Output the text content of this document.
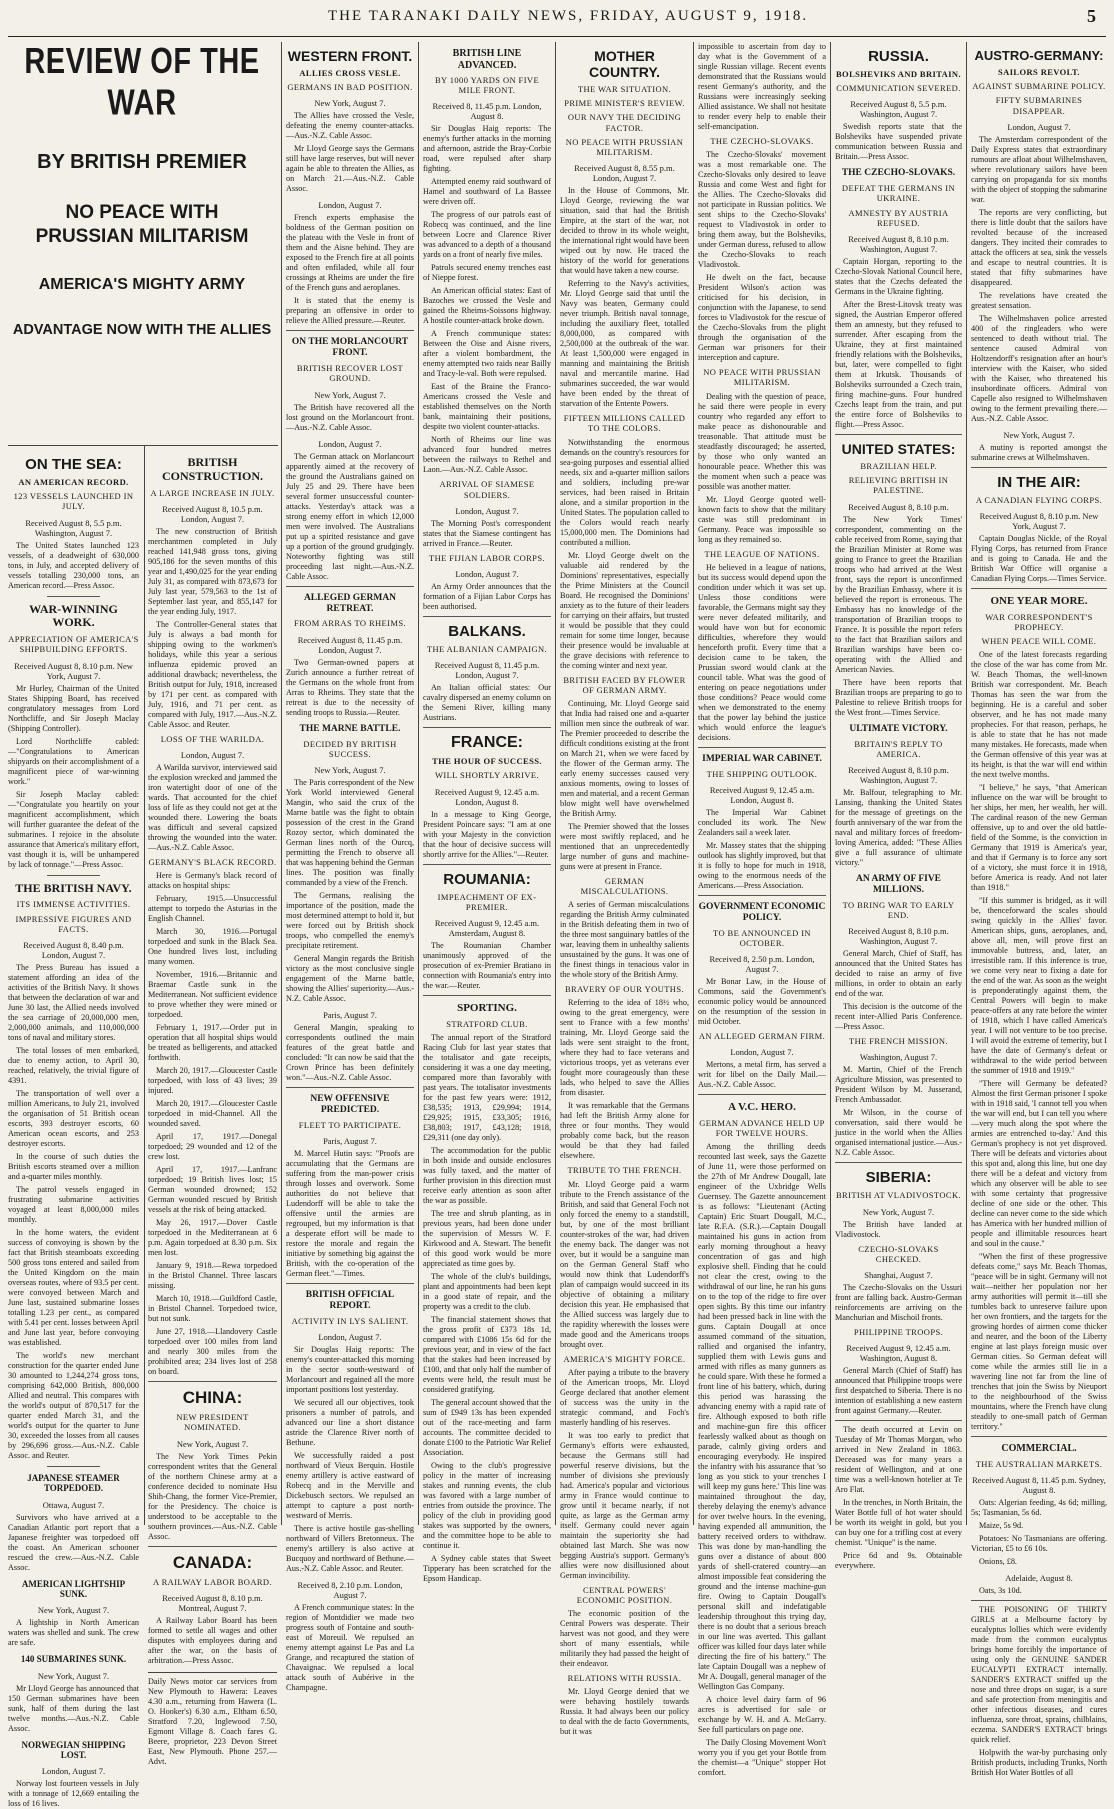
THE TARANAKI DAILY NEWS, FRIDAY, AUGUST 9, 1918.	5
REVIEW OF THE WAR
BY BRITISH PREMIER
NO PEACE WITH PRUSSIAN MILITARISM
AMERICA'S MIGHTY ARMY
ADVANTAGE NOW WITH THE ALLIES
ON THE SEA:
AN AMERICAN RECORD.
123 VESSELS LAUNCHED IN JULY.
Received August 8, 5.5 p.m. Washington, August 7.

The United States launched 123 vessels, of a deadweight of 630,000 tons, in July, and accepted delivery of vessels totalling 230,000 tons, an American record.—Press Assoc.

WAR-WINNING WORK.
APPRECIATION OF AMERICA'S SHIPBUILDING EFFORTS.
Received August 8, 8.10 p.m. New York, August 7.

Mr Hurley, Chairman of the United States Shipping Board, has received congratulatory messages from Lord Northcliffe, and Sir Joseph Maclay (Shipping Controller).

Lord Northcliffe cabled:—"Congratulations to American shipyards on their accomplishment of a magnificent piece of war-winning work."

Sir Joseph Maclay cabled:—"Congratulate you heartily on your magnificent accomplishment, which will further guarantee the defeat of the submarines. I rejoice in the absolute assurance that America's military effort, vast though it is, will be unhampered by lack of tonnage."—Press Assoc.

THE BRITISH NAVY.
ITS IMMENSE ACTIVITIES.
IMPRESSIVE FIGURES AND FACTS.
Received August 8, 8.40 p.m. London, August 7.

The Press Bureau has issued a statement affording an idea of the activities of the British Navy. It shows that between the declaration of war and June 30 last, the Allied needs involved the sea carriage of 20,000,000 men, 2,000,000 animals, and 110,000,000 tons of naval and military stores.

The total losses of men embarked, due to enemy action, to April 30, reached, relatively, the trivial figure of 4391.

The transportation of well over a million Americans, to July 21, involved the organisation of 51 British ocean escorts, 393 destroyer escorts, 60 American ocean escorts, and 253 destroyer escorts.

In the course of such duties the British escorts steamed over a million and a-quarter miles monthly.

The patrol vessels engaged in frustrating submarine activities voyaged at least 8,000,000 miles monthly.

In the home waters, the evident success of convoying is shown by the fact that British steamboats exceeding 500 gross tons entered and sailed from the United Kingdom on the main overseas routes, where of 93.5 per cent. were convoyed between March and June last, sustained submarine losses totalling 1.23 per cent., as compared with 5.41 per cent. losses between April and June last year, before convoying was established.

The world's new merchant construction for the quarter ended June 30 amounted to 1,244,274 gross tons, comprising 642,000 British, 800,000 Allied and neutral. This compares with the world's output of 870,517 for the quarter ended March 31, and the world's output for the quarter to June 30, exceeded the losses from all causes by 296,696 gross.—Aus.-N.Z. Cable Assoc. and Reuter.

JAPANESE STEAMER TORPEDOED.
Ottawa, August 7.

Survivors who have arrived at a Canadian Atlantic port report that a Japanese freighter was torpedoed off the coast. An American schooner rescued the crew.—Aus.-N.Z. Cable Assoc.

AMERICAN LIGHTSHIP SUNK.
New York, August 7.

A lightship in North American waters was shelled and sunk. The crew are safe.

140 SUBMARINES SUNK.
New York, August 7.

Mr Lloyd George has announced that 150 German submarines have been sunk, half of them during the last twelve months.—Aus.-N.Z. Cable Assoc.

NORWEGIAN SHIPPING LOST.
London, August 7.

Norway lost fourteen vessels in July with a tonnage of 12,669 entailing the loss of 16 lives.

BRITISH CONSTRUCTION.
A LARGE INCREASE IN JULY.
Received August 8, 10.5 p.m. London, August 7.

The new construction of British merchantmen completed in July reached 141,948 gross tons, giving 905,186 for the seven months of this year and 1,490,025 for the year ending July 31, as compared with 873,673 for July last year, 579,563 to the 1st of September last year, and 855,147 for the year ending July, 1917.

The Controller-General states that July is always a bad month for shipping owing to the workmen's holidays, while this year a serious influenza epidemic proved an additional drawback; nevertheless, the British output for July, 1918, increased by 171 per cent. as compared with July, 1916, and 71 per cent. as compared with July, 1917.—Aus.-N.Z. Cable Assoc. and Reuter.

LOSS OF THE WARILDA.
London, August 7.

A Warilda survivor, interviewed said the explosion wrecked and jammed the iron watertight door of one of the wards. That accounted for the chief loss of life as they could not get at the wounded there. Lowering the boats was difficult and several capsized throwing the wounded into the water.—Aus.-N.Z. Cable Assoc.

GERMANY'S BLACK RECORD.

Here is Germany's black record of attacks on hospital ships:

February, 1915.—Unsuccessful attempt to torpedo the Asturias in the English Channel.

March 30, 1916.—Portugal torpedoed and sunk in the Black Sea. One hundred lives lost, including many women.

November, 1916.—Britannic and Braemar Castle sunk in the Mediterranean. Not sufficient evidence to prove whether they were mined or torpedoed.

February 1, 1917.—Order put in operation that all hospital ships would be treated as belligerents, and attacked forthwith.

March 20, 1917.—Gloucester Castle torpedoed, with loss of 43 lives; 39 injured.

March 20, 1917.—Gloucester Castle torpedoed in mid-Channel. All the wounded saved.

April 17, 1917.—Donegal torpedoed; 29 wounded and 12 of the crew lost.

April 17, 1917.—Lanfranc torpedoed; 19 British lives lost; 15 German wounded drowned; 152 German wounded rescued by British vessels at the risk of being attacked.

May 26, 1917.—Dover Castle torpedoed in the Mediterranean at 6 p.m. Again torpedoed at 8.30 p.m. Six men lost.

January 9, 1918.—Rewa torpedoed in the Bristol Channel. Three lascars missing.

March 10, 1918.—Guildford Castle, in Bristol Channel. Torpedoed twice, but not sunk.

June 27, 1918.—Llandovery Castle torpedoed over 100 miles from land and nearly 300 miles from the prohibited area; 234 lives lost of 258 on board.

CHINA:
NEW PRESIDENT NOMINATED.
New York, August 7.

The New York Times Pekin correspondent writes that the General of the northern Chinese army at a conference decided to nominate Hsu Shih-Chang, the former Vice-Premier, for the Presidency. The choice is understood to be acceptable to the southern provinces.—Aus.-N.Z. Cable Assoc.

CANADA:
A RAILWAY LABOR BOARD.
Received August 8, 8.10 p.m. Montreal, August 7.

A Railway Labor Board has been formed to settle all wages and other disputes with employees during and after the war, on the basis of arbitration.—Press Assoc.

Daily News motor car services from New Plymouth to Hawera: Leaves 4.30 a.m., returning from Hawera (L. O. Hooker's) 6.30 a.m., Eltham 6.50, Stratford 7.20, Inglewood 7.50, Egmont Village 8. Coach fares G. Beere, proprietor, 223 Devon Street East, New Plymouth. Phone 257.—Advt.
WESTERN FRONT.
ALLIES CROSS VESLE.
GERMANS IN BAD POSITION.
New York, August 7.

The Allies have crossed the Vesle, defeating the enemy counter-attacks.—Aus.-N.Z. Cable Assoc.

Mr Lloyd George says the Germans still have large reserves, but will never again be able to threaten the Allies, as on March 21.—Aus.-N.Z. Cable Assoc.

London, August 7.

French experts emphasise the boldness of the German position on the plateau with the Vesle in front of them and the Aisne behind. They are exposed to the French fire at all points and often enfiladed, while all four crossings at Rheims are under the fire of the French guns and aeroplanes.

It is stated that the enemy is preparing an offensive in order to relieve the Allied pressure.—Reuter.

ON THE MORLANCOURT FRONT.
BRITISH RECOVER LOST GROUND.
New York, August 7.

The British have recovered all the lost ground on the Morlancourt front.—Aus.-N.Z. Cable Assoc.

London, August 7.

The German attack on Morlancourt apparently aimed at the recovery of the ground the Australians gained on July 25 and 29. There have been several former unsuccessful counter-attacks. Yesterday's attack was a strong enemy effort in which 12,000 men were involved. The Australians put up a spirited resistance and gave up a portion of the ground grudgingly. Noteworthy fighting was still proceeding last night.—Aus.-N.Z. Cable Assoc.

ALLEGED GERMAN RETREAT.
FROM ARRAS TO RHEIMS.
Received August 8, 11.45 p.m. London, August 7.

Two German-owned papers at Zurich announce a further retreat of the Germans on the whole front from Arras to Rheims. They state that the retreat is due to the necessity of sending troops to Russia.—Reuter.

THE MARNE BATTLE.
DECIDED BY BRITISH SUCCESS.
New York, August 7.

The Paris correspondent of the New York World interviewed General Mangin, who said the crux of the Marne battle was the fight to obtain possession of the crest in the Grand Rozoy sector, which dominated the German lines north of the Ourcq, permitting the French to observe all that was happening behind the German lines. The position was finally commanded by a view of the French.

The Germans, realising the importance of the position, made the most determined attempt to hold it, but were forced out by British shock troops, who compelled the enemy's precipitate retirement.

General Mangin regards the British victory as the most conclusive single engagement of the Marne battle, showing the Allies' superiority.—Aus.-N.Z. Cable Assoc.

Paris, August 7.

General Mangin, speaking to correspondents outlined the main features of the great battle and concluded: "It can now be said that the Crown Prince has been definitely won."—Aus.-N.Z. Cable Assoc.

NEW OFFENSIVE PREDICTED.
FLEET TO PARTICIPATE.
Paris, August 7.

M. Marcel Hutin says: "Proofs are accumulating that the Germans are suffering from the man-power crisis through losses and overwork. Some authorities do not believe that Ludendorff will be able to take the offensive until the armies are regrouped, but my information is that a desperate effort will be made to restore the morale and regain the initiative by something big against the British, with the co-operation of the German fleet."—Times.

BRITISH OFFICIAL REPORT.
ACTIVITY IN LYS SALIENT.
London, August 7.

Sir Douglas Haig reports: The enemy's counter-attacked this morning in the sector south-westward of Morlancourt and regained all the more important positions lost yesterday.

We secured all our objectives, took prisoners a number of patrols, and advanced our line a short distance astride the Clarence River north of Bethune.

We successfully raided a post northward of Vieux Berquin. Hostile enemy artillery is active eastward of Robecq and in the Merville and Dickebusch sectors. We repulsed an attempt to capture a post north-westward of Merris.

There is active hostile gas-shelling northward of Villers Bretonneux. The enemy's artillery is also active at Bucquoy and northward of Bethune.—Aus.-N.Z. Cable Assoc. and Reuter.

Received 8, 2.10 p.m. London, August 7.

A French communique states: In the region of Montdidier we made two progress south of Fontaine and south-east of Moreuil. We repulsed an enemy attempt against Le Pas and La Grange, and recaptured the station of Chavaignac. We repulsed a local attack south of Aubérive in the Champagne.

BRITISH LINE ADVANCED.
BY 1000 YARDS ON FIVE MILE FRONT.
Received 8, 11.45 p.m. London, August 8.

Sir Douglas Haig reports: The enemy's further attacks in the morning and afternoon, astride the Bray-Corbie road, were repulsed after sharp fighting.

Attempted enemy raid southward of Hamel and southward of La Bassee were driven off.

The progress of our patrols east of Robecq was continued, and the line between Locre and Clarence River was advanced to a depth of a thousand yards on a front of nearly five miles.

Patrols secured enemy trenches east of Nieppe forest.

An American official states: East of Bazoches we crossed the Vesle and gained the Rheims-Soissons highway. A hostile counter-attack broke down.

A French communique states: Between the Oise and Aisne rivers, after a violent bombardment, the enemy attempted two raids near Bailly and Tracy-le-val. Both were repulsed.

East of the Braine the Franco-Americans crossed the Vesle and established themselves on the North bank, maintaining their positions, despite two violent counter-attacks.

North of Rheims our line was advanced four hundred metres between the railways to Rethel and Laon.—Aus.-N.Z. Cable Assoc.

ARRIVAL OF SIAMESE SOLDIERS.
London, August 7.

The Morning Post's correspondent states that the Siamese contingent has arrived in France.—Reuter.

THE FIJIAN LABOR CORPS.
London, August 7.

An Army Order announces that the formation of a Fijian Labor Corps has been authorised.

BALKANS.
THE ALBANIAN CAMPAIGN.
Received August 8, 11.45 p.m. London, August 7.

An Italian official states: Our cavalry dispersed an enemy column on the Semeni River, killing many Austrians.

FRANCE:
THE HOUR OF SUCCESS.
WILL SHORTLY ARRIVE.
Received August 9, 12.45 a.m. London, August 8.

In a message to King George, President Poincare says: "I am at one with your Majesty in the conviction that the hour of decisive success will shortly arrive for the Allies."—Reuter.

ROUMANIA:
IMPEACHMENT OF EX-PREMIER.
Received August 9, 12.45 a.m. Amsterdam, August 8.

The Roumanian Chamber unanimously approved of the prosecution of ex-Premier Bratiano in connection with Roumania's entry into the war.—Reuter.

SPORTING.
STRATFORD CLUB.

The annual report of the Stratford Racing Club for last year states that the totalisator and gate receipts, considering it was a one day meeting, compared more than favorably with past years. The totalisator investments for the past few years were: 1912, £38,535; 1913, £29,994; 1914, £29,925; 1915, £33,305; 1916, £38,803; 1917, £43,128; 1918, £29,311 (one day only).

The accommodation for the public in both inside and outside enclosures was fully taxed, and the matter of further provision in this direction must receive early attention as soon after the war as possible.

The tree and shrub planting, as in previous years, had been done under the supervision of Messrs W. F. Kirkwood and A. Stewart. The benefit of this good work would be more appreciated as time goes by.

The whole of the club's buildings, plant and appointments had been kept in a good state of repair, and the property was a credit to the club.

The financial statement shows that the gross profit of £373 18s 1d, compared with £1086 15s 6d for the previous year, and in view of the fact that the stakes had been increased by £100, and that only half the number of events were held, the result must be considered gratifying.

The general account showed that the sum of £949 13s has been expended out of the race-meeting and farm accounts. The committee decided to donate £100 to the Patriotic War Relief Association.

Owing to the club's progressive policy in the matter of increasing stakes and running events, the club was favored with a large number of entries from outside the province. The policy of the club in providing good stakes was supported by the owners, and the committee hope to be able to continue it.

A Sydney cable states that Sweet Tipperary has been scratched for the Epsom Handicap.

MOTHER COUNTRY.
THE WAR SITUATION.
PRIME MINISTER'S REVIEW.
OUR NAVY THE DECIDING FACTOR.
NO PEACE WITH PRUSSIAN MILITARISM.
Received August 8, 8.55 p.m. London, August 7.

In the House of Commons, Mr. Lloyd George, reviewing the war situation, said that had the British Empire, at the start of the war, not decided to throw in its whole weight, the international right would have been wiped out by now. He traced the history of the world for generations that would have taken a new course.

Referring to the Navy's activities, Mr. Lloyd George said that until the Navy was beaten, Germany could never triumph. British naval tonnage, including the auxiliary fleet, totalled 8,000,000, as compared with 2,500,000 at the outbreak of the war. At least 1,500,000 were engaged in manning and maintaining the British naval and mercantile marine. Had submarines succeeded, the war would have been ended by the threat of starvation of the Entente Powers.

FIFTEEN MILLIONS CALLED TO THE COLORS.

Notwithstanding the enormous demands on the country's resources for sea-going purposes and essential allied needs, six and a-quarter million sailors and soldiers, including pre-war services, had been raised in Britain alone, and a similar proportion in the United States. The population called to the Colors would reach nearly 15,000,000 men. The Dominions had contributed a million.

Mr. Lloyd George dwelt on the valuable aid rendered by the Dominions' representatives, especially the Prime Ministers at the Council Board. He recognised the Dominions' anxiety as to the future of their leaders for carrying on their affairs, but trusted it would be possible that they could remain for some time longer, because their presence would be invaluable at the grave decisions with reference to the coming winter and next year.

BRITISH FACED BY FLOWER OF GERMAN ARMY.

Continuing, Mr. Lloyd George said that India had raised one and a-quarter million men since the outbreak of war. The Premier proceeded to describe the difficult conditions existing at the front on March 21, when we were faced by the flower of the German army. The early enemy successes caused very anxious moments, owing to losses of men and material, and a recent German blow might well have overwhelmed the British Army.

The Premier showed that the losses were most swiftly replaced, and he mentioned that an unprecedentedly large number of guns and machine-guns were at present in France.

GERMAN MISCALCULATIONS.

A series of German miscalculations regarding the British Army culminated in the British defeating them in two of the three most sanguinary battles of the war, leaving them in unhealthy salients unsustained by the guns. It was one of the finest things in tenacious valor in the whole story of the British Army.

BRAVERY OF OUR YOUTHS.

Referring to the idea of 18½ who, owing to the great emergency, were sent to France with a few months' training, Mr. Lloyd George said the lads were sent straight to the front, where they had to face veterans and victorious troops, yet as veterans ever fought more courageously than these lads, who helped to save the Allies from disaster.

It was remarkable that the Germans had left the British Army alone for three or four months. They would probably come back, but the reason would be that they had failed elsewhere.

TRIBUTE TO THE FRENCH.

Mr. Lloyd George paid a warm tribute to the French assistance of the British, and said that General Foch not only forced the enemy to a standstill, but, by one of the most brilliant counter-strokes of the war, had driven the enemy back. The danger was not over, but it would be a sanguine man on the German General Staff who would now think that Ludendorff's plan of campaign would succeed in its objective of obtaining a military decision this year. He emphasised that the Allied success was largely due to the rapidity wherewith the losses were made good and the Americans troops brought over.

AMERICA'S MIGHTY FORCE.

After paying a tribute to the bravery of the American troops, Mr. Lloyd George declared that another element of success was the unity in the strategic command, and Foch's masterly handling of his reserves.

It was too early to predict that Germany's efforts were exhausted, because the Germans still had powerful reserve divisions, but the number of divisions she previously had. America's popular and victorious army in France would continue to grow until it became nearly, if not quite, as large as the German army itself. Germany could never again maintain the superiority she had obtained last March. She was now begging Austria's support. Germany's allies were now disillusioned about German invincibility.

CENTRAL POWERS' ECONOMIC POSITION.

The economic position of the Central Powers was desperate. Their harvest was not good, and they were short of many essentials, while militarily they had passed the height of their endeavor.

RELATIONS WITH RUSSIA.

Mr. Lloyd George denied that we were behaving hostilely towards Russia. It had always been our policy to deal with the de facto Governments, but it was

impossible to ascertain from day to day what is the Government of a single Russian village. Recent events demonstrated that the Russians would resent Germany's authority, and the Russians were increasingly seeking Allied assistance. We shall not hesitate to render every help to enable their self-emancipation.

THE CZECHO-SLOVAKS.

The Czecho-Slovaks' movement was a most remarkable one. The Czecho-Slovaks only desired to leave Russia and come West and fight for the Allies. The Czecho-Slovaks did not participate in Russian politics. We sent ships to the Czecho-Slovaks' request to Vladivostok in order to bring them away, but the Bolsheviks, under German duress, refused to allow the Czecho-Slovaks to reach Vladivostok.

He dwelt on the fact, because President Wilson's action was criticised for his decision, in conjunction with the Japanese, to send forces to Vladivostok for the rescue of the Czecho-Slovaks from the plight through the organisation of the German war prisoners for their interception and capture.

NO PEACE WITH PRUSSIAN MILITARISM.

Dealing with the question of peace, he said there were people in every country who regarded any effort to make peace as dishonourable and treasonable. That attitude must be steadfastly discouraged; he asserted, by those who only wanted an honourable peace. Whether this was the moment when such a peace was possible was another matter.

Mr. Lloyd George quoted well-known facts to show that the military caste was still predominant in Germany. Peace was impossible so long as they remained so.

THE LEAGUE OF NATIONS.

He believed in a league of nations, but its success would depend upon the condition under which it was set up. Unless those conditions were favorable, the Germans might say they were never defeated militarily, and would have won but for economic difficulties, wherefore they would henceforth profit. Every time that a decision came to be taken, the Prussian sword would clank at the council table. What was the good of entering on peace negotiations under those conditions? Peace would come when we demonstrated to the enemy that the power lay behind the justice which would enforce the league's decisions.

IMPERIAL WAR CABINET.
THE SHIPPING OUTLOOK.
Received August 9, 12.45 a.m. London, August 8.

The Imperial War Cabinet concluded its work. The New Zealanders sail a week later.

Mr. Massey states that the shipping outlook has slightly improved, but that it is folly to hope for much in 1918, owing to the enormous needs of the Americans.—Press Association.

GOVERNMENT ECONOMIC POLICY.
TO BE ANNOUNCED IN OCTOBER.
Received 8, 2.50 p.m. London, August 7.

Mr Bonar Law, in the House of Commons, said the Government's economic policy would be announced on the resumption of the session in mid October.

AN ALLEGED GERMAN FIRM.
London, August 7.

Mertons, a metal firm, has served a writ for libel on the Daily Mail.—Aus.-N.Z. Cable Assoc.

A V.C. HERO.
GERMAN ADVANCE HELD UP FOR TWELVE HOURS.

Among the thrilling deeds recounted last week, says the Gazette of June 11, were those performed on the 27th of Mr Andrew Dougall, late engineer of the Uxbridge Wells Guernsey. The Gazette announcement is as follows: "Lieutenant (Acting Captain) Eric Stuart Dougall, M.C., late R.F.A. (S.R.).—Captain Dougall maintained his guns in action from early morning throughout a heavy concentration of gas and high explosive shell. Finding that he could not clear the crest, owing to the withdrawal of our line, he ran his guns on to the top of the ridge to fire over open sights. By this time our infantry had been pressed back in line with the guns. Captain Dougall at once assumed command of the situation, rallied and organised the infantry, supplied them with Lewis guns and armed with rifles as many gunners as he could spare. With these he formed a front line of his battery, which, during this period was harassing the advancing enemy with a rapid rate of fire. Although exposed to both rifle and machine-gun fire this officer fearlessly walked about as though on parade, calmly giving orders and encouraging everybody. He inspired the infantry with his assurance that 'so long as you stick to your trenches I will keep my guns here.' This line was maintained throughout the day, thereby delaying the enemy's advance for over twelve hours. In the evening, having expended all ammunition, the battery received orders to withdraw. This was done by man-handling the guns over a distance of about 800 yards of shell-cratered country—an almost impossible feat considering the ground and the intense machine-gun fire. Owing to Captain Dougall's personal skill and indefatigable leadership throughout this trying day, there is no doubt that a serious breach in our line was averted. This gallant officer was killed four days later while directing the fire of his battery." The late Captain Dougall was a nephew of Mr A. Dougall, general manager of the Wellington Gas Company.

A choice level dairy farm of 96 acres is advertised for sale or exchange by W. H. and A. McGarry. See full particulars on page one.

The Daily Closing Movement Won't worry you if you get your Bottle from the chemist—a "Unique" stopper Hot comfort.

RUSSIA.
BOLSHEVIKS AND BRITAIN.
COMMUNICATION SEVERED.
Received August 8, 5.5 p.m. Washington, August 7.

Swedish reports state that the Bolsheviks have suspended private communication between Russia and Britain.—Press Assoc.

THE CZECHO-SLOVAKS.
DEFEAT THE GERMANS IN UKRAINE.
AMNESTY BY AUSTRIA REFUSED.
Received August 8, 8.10 p.m. Washington, August 7.

Captain Horgan, reporting to the Czecho-Slovak National Council here, states that the Czechs defeated the Germans in the Ukraine fighting.

After the Brest-Litovsk treaty was signed, the Austrian Emperor offered them an amnesty, but they refused to surrender. After escaping from the Ukraine, they at first maintained friendly relations with the Bolsheviks, but, later, were compelled to fight them at Irkutsk. Thousands of Bolsheviks surrounded a Czech train, firing machine-guns. Four hundred Czechs leapt from the train, and put the entire force of Bolsheviks to flight.—Press Assoc.

UNITED STATES:
BRAZILIAN HELP.
RELIEVING BRITISH IN PALESTINE.
Received August 8, 8.10 p.m.

The New York Times' correspondent, commenting on the cable received from Rome, saying that the Brazilian Minister at Rome was going to France to greet the Brazilian troops who had arrived at the West front, says the report is unconfirmed by the Brazilian Embassy, where it is believed the report is erroneous. The Embassy has no knowledge of the transportation of Brazilian troops to France. It is possible the report refers to the fact that Brazilian sailors and Brazilian warships have been co-operating with the Allied and American Navies.

There have been reports that Brazilian troops are preparing to go to Palestine to relieve British troops for the West front.—Times Service.

ULTIMATE VICTORY.
BRITAIN'S REPLY TO AMERICA.
Received August 8, 8.10 p.m. Washington, August 7.

Mr. Balfour, telegraphing to Mr. Lansing, thanking the United States for the message of greetings on the fourth anniversary of the war from the naval and military forces of freedom-loving America, added: "These Allies give a full assurance of ultimate victory."

AN ARMY OF FIVE MILLIONS.
TO BRING WAR TO EARLY END.
Received August 8, 8.10 p.m. Washington, August 7.

General March, Chief of Staff, has announced that the United States has decided to raise an army of five millions, in order to obtain an early end of the war.

This decision is the outcome of the recent inter-Allied Paris Conference.—Press Assoc.

THE FRENCH MISSION.
Washington, August 7.

M. Martin, Chief of the French Agriculture Mission, was presented to President Wilson by M. Jusserand, French Ambassador.

Mr Wilson, in the course of conversation, said there would be justice in the world when the Allies organised international justice.—Aus.-N.Z. Cable Assoc.

SIBERIA:
BRITISH AT VLADIVOSTOCK.
New York, August 7.

The British have landed at Vladivostock.

CZECHO-SLOVAKS CHECKED.
Shanghai, August 7.

The Czecho-Slovaks on the Ussuri front are falling back. Austro-German reinforcements are arriving on the Manchurian and Mischoil fronts.

PHILIPPINE TROOPS.
Received August 9, 12.45 a.m. Washington, August 8.

General March (Chief of Staff) has announced that Philippine troops were first despatched to Siberia. There is no intention of establishing a new eastern front against Germany.—Reuter.

The death occurred at Levin on Tuesday of Mr Thomas Morgan, who arrived in New Zealand in 1863. Deceased was for many years a resident of Wellington, and at one time was a well-known hotelier at Te Aro Flat.

In the trenches, in North Britain, the Water Bottle full of hot water should be worth its weight in gold, but you can buy one for a trifling cost at every chemist. "Unique" is the name.

Price 6d and 9s. Obtainable everywhere.

AUSTRO-GERMANY:
SAILORS REVOLT.
AGAINST SUBMARINE POLICY.
FIFTY SUBMARINES DISAPPEAR.
London, August 7.

The Amsterdam correspondent of the Daily Express states that extraordinary rumours are afloat about Wilhelmshaven, where revolutionary sailors have been carrying on propaganda for six months with the object of stopping the submarine war.

The reports are very conflicting, but there is little doubt that the sailors have revolted because of the increased dangers. They incited their comrades to attack the officers at sea, sink the vessels and escape to neutral countries. It is stated that fifty submarines have disappeared.

The revelations have created the greatest sensation.

The Wilhelmshaven police arrested 400 of the ringleaders who were sentenced to death without trial. The sentence caused Admiral von Holtzendorff's resignation after an hour's interview with the Kaiser, who sided with the Kaiser, who threatened his insubordinate officers. Admiral von Capelle also resigned to Wilhelmshaven owing to the ferment prevailing there.—Aus.-N.Z. Cable Assoc.

New York, August 7.

A mutiny is reported amongst the submarine crews at Wilhelmshaven.

IN THE AIR:
A CANADIAN FLYING CORPS.
Received August 8, 8.10 p.m. New York, August 7.

Captain Douglas Nickle, of the Royal Flying Corps, has returned from France and is going to Canada. He and the British War Office will organise a Canadian Flying Corps.—Times Service.

ONE YEAR MORE.
WAR CORRESPONDENT'S PROPHECY.
WHEN PEACE WILL COME.

One of the latest forecasts regarding the close of the war has come from Mr. W. Beach Thomas, the well-known British war correspondent. Mr. Beach Thomas has seen the war from the beginning. He is a careful and sober observer, and he has not made many prophecies. For that reason, perhaps, he is able to state that he has not made many mistakes. He forecasts, made when the German offensive of this year was at its height, is that the war will end within the next twelve months.

"I believe," he says, "that American influence on the war will be brought to her ships, her men, her wealth, her will. The cardinal reason of the new German offensive, up to and over the old battle-field of the Somme, is the conviction in Germany that 1919 is America's year, and that if Germany is to force any sort of a victory, she must force it in 1918, before America is ready. And not later than 1918."

"If this summer is bridged, as it will be, thenceforward the scales should swing quickly in the Allies' favor. American ships, guns, aeroplanes, and, above all, men, will prove first an immovable buttress, and, later, an irresistible ram. If this inference is true, we come very near to fixing a date for the end of the war. As soon as the weight is preponderatingly against them, the Central Powers will begin to make peace-offers at any rate before the winter of 1918, which I have called America's year. I will not venture to be too precise. I will avoid the extreme of temerity, but I have the date of Germany's defeat or withdrawal to the wide period between the summer of 1918 and 1919."

"There will Germany be defeated? Almost the first German prisoner I spoke with in 1918 said, 'I cannot tell you when the war will end, but I can tell you where—very much along the spot where the armies are entrenched to-day.' And this German's prophecy is not yet disproved. There will be defeats and victories about this spot and, along this line, but one day there will be a defeat and victory from which any observer will be able to see with some certainty that progressive decline of one side or the other. This decline can never come to the side which has America with her hundred million of people and illimitable resources heart and soul in the cause."

"When the first of these progressive defeats come," says Mr. Beach Thomas, "peace will be in sight. Germany will not wait—neither her population nor her army authorities will permit it—till she tumbles back to unreserve failure upon her own frontiers, and the targets for the growing hordes of airmen come thicker and nearer, and the boon of the Liberty engine at last plays foreign music over German cities. So German defeat will come while the armies still lie in a wavering line not far from the line of trenches that join the Swiss by Nieuport to the neighbourhood of the Swiss mountains, where the French have clung steadily to one-small patch of German territory."

COMMERCIAL.
THE AUSTRALIAN MARKETS.
Received August 8, 11.45 p.m. Sydney, August 8.

Oats: Algerian feeding, 4s 6d; milling, 5s; Tasmanian, 5s 6d.

Maize, 5s 9d.

Potatoes: No Tasmanians are offering. Victorian, £5 to £6 10s.

Onions, £8.

Adelaide, August 8.

Oats, 3s 10d.

THE POISONING OF THIRTY GIRLS at a Melbourne factory by eucalyptus lollies which were evidently made from the common eucalyptus brings home forcibly the importance of using only the GENUINE SANDER EUCALYPTI EXTRACT internally. SANDER'S EXTRACT sniffed up the nose and three drops on sugar, is a sure and safe protection from meningitis and other infectious diseases, and cures influenza, sore throat, sprains, chilblains, eczema. SANDER'S EXTRACT brings quick relief.

Holpwith the war-by purchasing only British products, including Trunks, North British Hot Water Bottles of all
